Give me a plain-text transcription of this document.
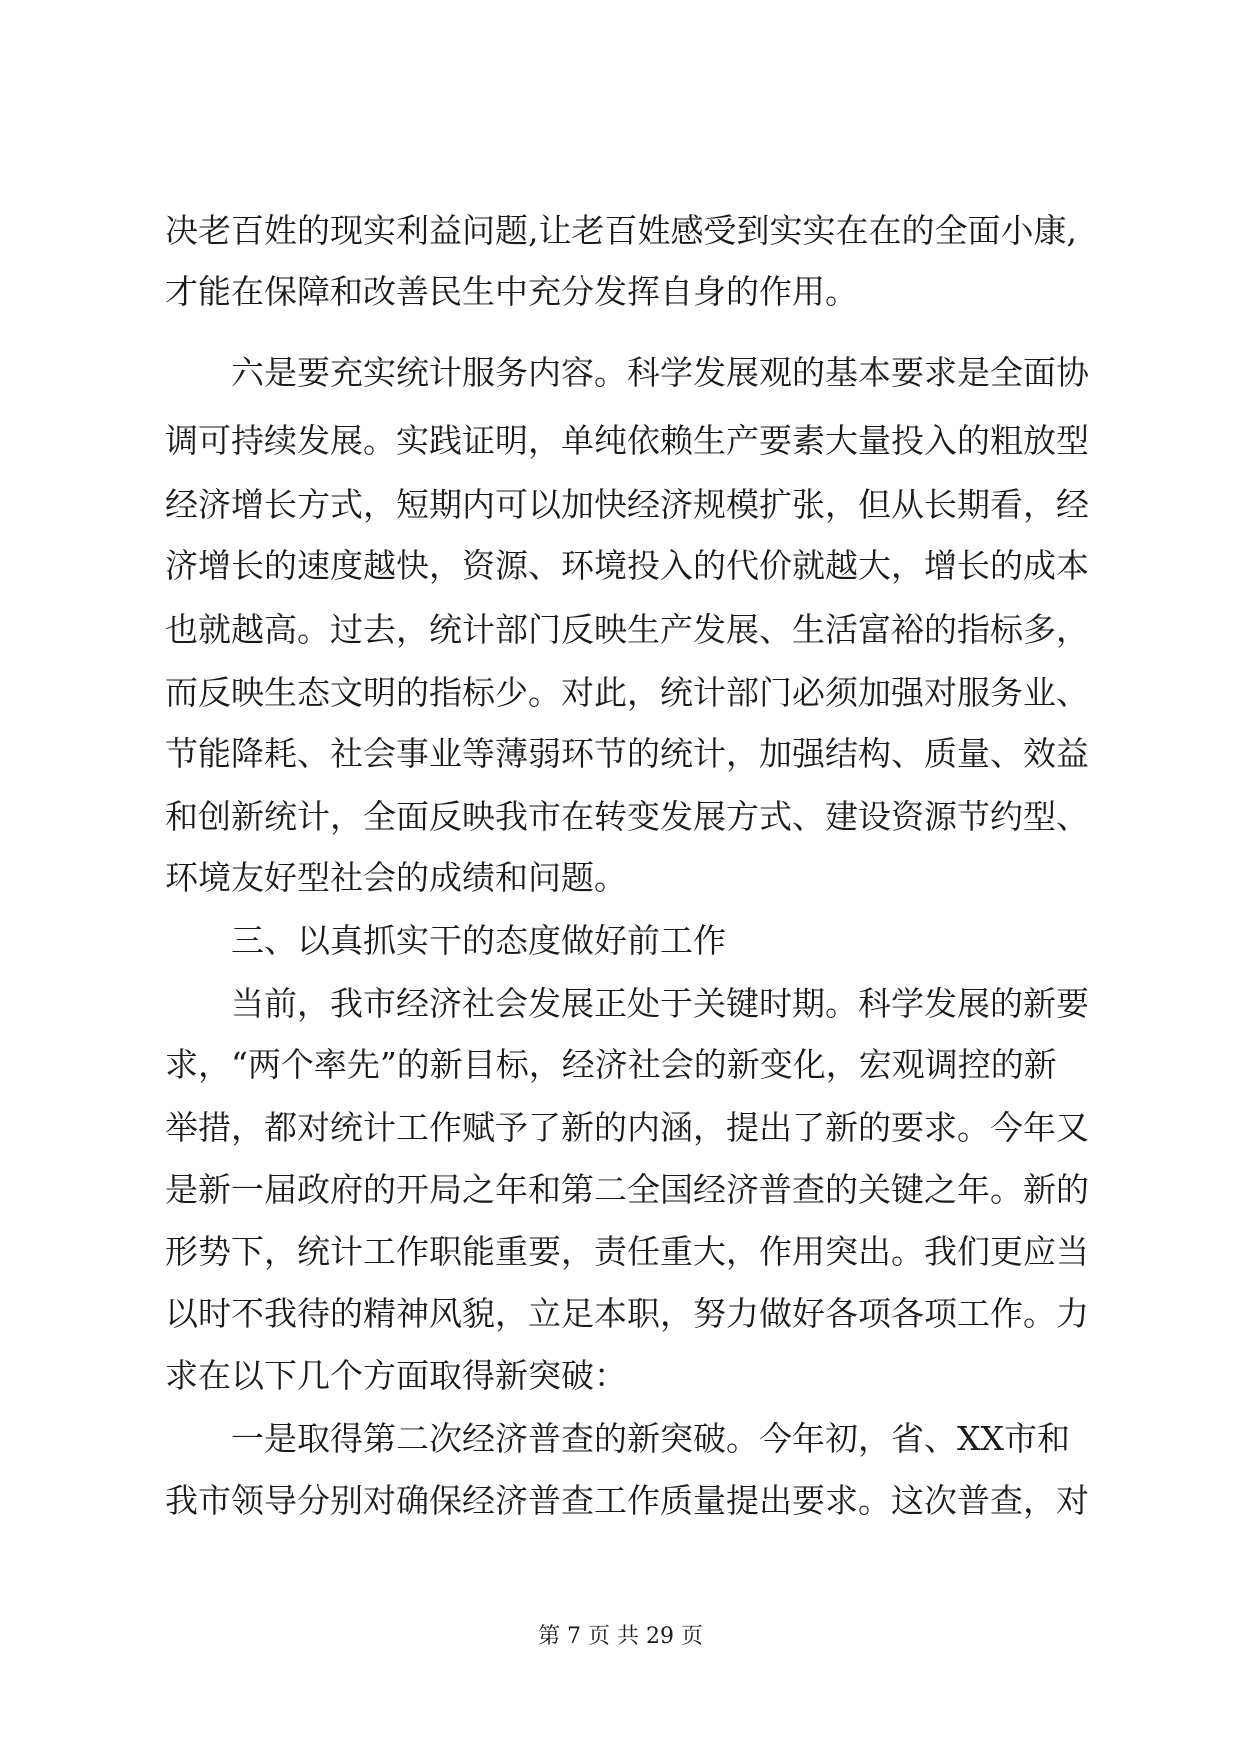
决老百姓的现实利益问题,让老百姓感受到实实在在的全面小康,
才能在保障和改善民生中充分发挥自身的作用。
六是要充实统计服务内容。科学发展观的基本要求是全面协
调可持续发展。实践证明，单纯依赖生产要素大量投入的粗放型
经济增长方式，短期内可以加快经济规模扩张，但从长期看，经
济增长的速度越快，资源、环境投入的代价就越大，增长的成本
也就越高。过去，统计部门反映生产发展、生活富裕的指标多，
而反映生态文明的指标少。对此，统计部门必须加强对服务业、
节能降耗、社会事业等薄弱环节的统计，加强结构、质量、效益
和创新统计，全面反映我市在转变发展方式、建设资源节约型、
环境友好型社会的成绩和问题。
三、以真抓实干的态度做好前工作
当前，我市经济社会发展正处于关键时期。科学发展的新要
求，“两个率先”的新目标，经济社会的新变化，宏观调控的新
举措，都对统计工作赋予了新的内涵，提出了新的要求。今年又
是新一届政府的开局之年和第二全国经济普查的关键之年。新的
形势下，统计工作职能重要，责任重大，作用突出。我们更应当
以时不我待的精神风貌，立足本职，努力做好各项各项工作。力
求在以下几个方面取得新突破：
一是取得第二次经济普查的新突破。今年初，省、XX市和
我市领导分别对确保经济普查工作质量提出要求。这次普查，对
第 7 页 共 29 页
